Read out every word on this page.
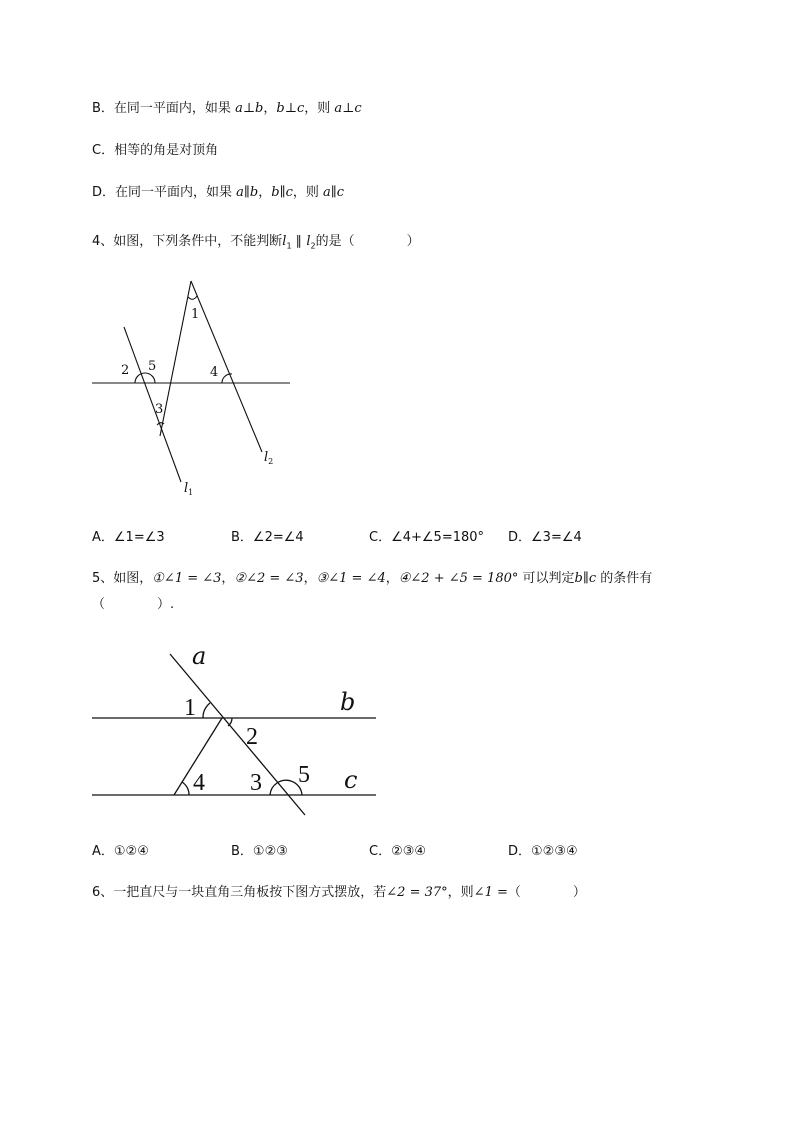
B．在同一平面内，如果 a⊥b，b⊥c，则 a⊥c
C．相等的角是对顶角
D．在同一平面内，如果 a∥b，b∥c，则 a∥c
4、如图，下列条件中，不能判断$l_1$ ∥ $l_2$的是（　　　　）
1
2 5
3
4
$l_2$
$l_1$
A．∠1=∠3	B．∠2=∠4	C．∠4+∠5=180° D．∠3=∠4
5、如图，①∠1 = ∠3，②∠2 = ∠3，③∠1 = ∠4，④∠2 + ∠5 = 180° 可以判定b∥c 的条件有
（　　　　）.
a
b
c
1
2
3
4	5
A．①②④	B．①②③	C．②③④	D．①②③④
6、一把直尺与一块直角三角板按下图方式摆放，若∠2 = 37°，则∠1 =（　　　　）
